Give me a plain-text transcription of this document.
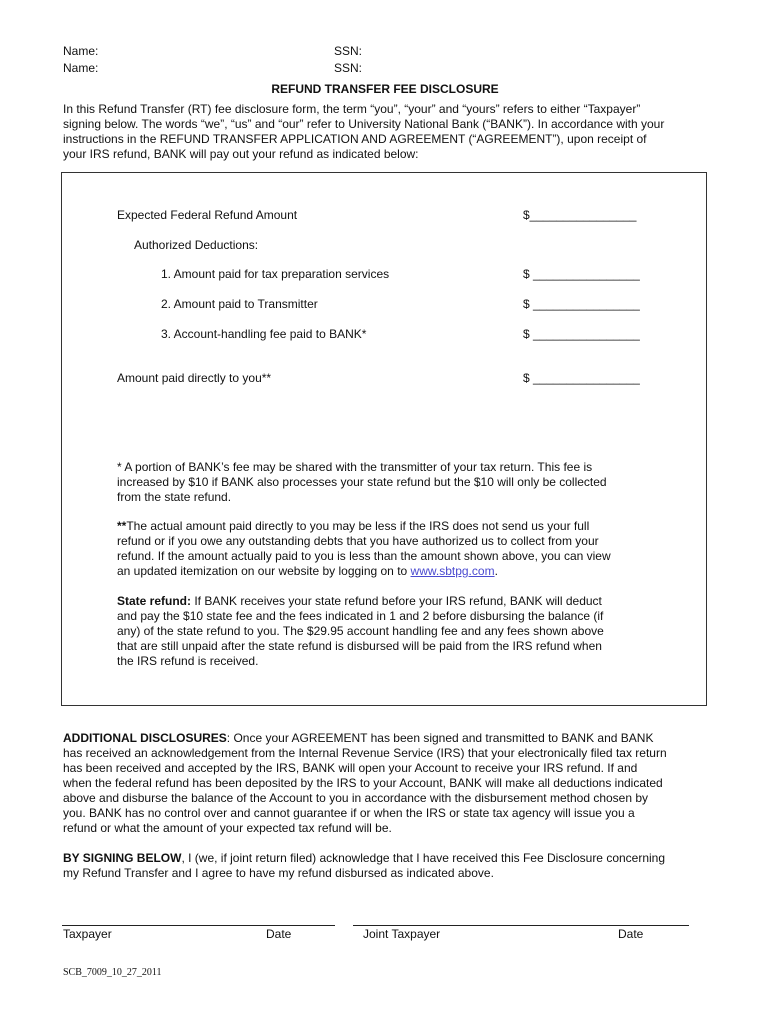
Name:	SSN:
Name:	SSN:
REFUND TRANSFER FEE DISCLOSURE
In this Refund Transfer (RT) fee disclosure form, the term “you”, “your” and “yours” refers to either “Taxpayer”
signing below. The words “we”, “us” and “our” refer to University National Bank (“BANK”). In accordance with your
instructions in the REFUND TRANSFER APPLICATION AND AGREEMENT (“AGREEMENT”), upon receipt of
your IRS refund, BANK will pay out your refund as indicated below:
Expected Federal Refund Amount	$________________
Authorized Deductions:
1. Amount paid for tax preparation services	$ ________________
2. Amount paid to Transmitter	$ ________________
3. Account-handling fee paid to BANK*	$ ________________
Amount paid directly to you**	$ ________________
* A portion of BANK’s fee may be shared with the transmitter of your tax return. This fee is
increased by $10 if BANK also processes your state refund but the $10 will only be collected
from the state refund.
**The actual amount paid directly to you may be less if the IRS does not send us your full
refund or if you owe any outstanding debts that you have authorized us to collect from your
refund. If the amount actually paid to you is less than the amount shown above, you can view
an updated itemization on our website by logging on to www.sbtpg.com.
State refund: If BANK receives your state refund before your IRS refund, BANK will deduct
and pay the $10 state fee and the fees indicated in 1 and 2 before disbursing the balance (if
any) of the state refund to you. The $29.95 account handling fee and any fees shown above
that are still unpaid after the state refund is disbursed will be paid from the IRS refund when
the IRS refund is received.
ADDITIONAL DISCLOSURES: Once your AGREEMENT has been signed and transmitted to BANK and BANK
has received an acknowledgement from the Internal Revenue Service (IRS) that your electronically filed tax return
has been received and accepted by the IRS, BANK will open your Account to receive your IRS refund. If and
when the federal refund has been deposited by the IRS to your Account, BANK will make all deductions indicated
above and disburse the balance of the Account to you in accordance with the disbursement method chosen by
you. BANK has no control over and cannot guarantee if or when the IRS or state tax agency will issue you a
refund or what the amount of your expected tax refund will be.
BY SIGNING BELOW, I (we, if joint return filed) acknowledge that I have received this Fee Disclosure concerning
my Refund Transfer and I agree to have my refund disbursed as indicated above.
Taxpayer	Date	Joint Taxpayer	Date
SCB_7009_10_27_2011
